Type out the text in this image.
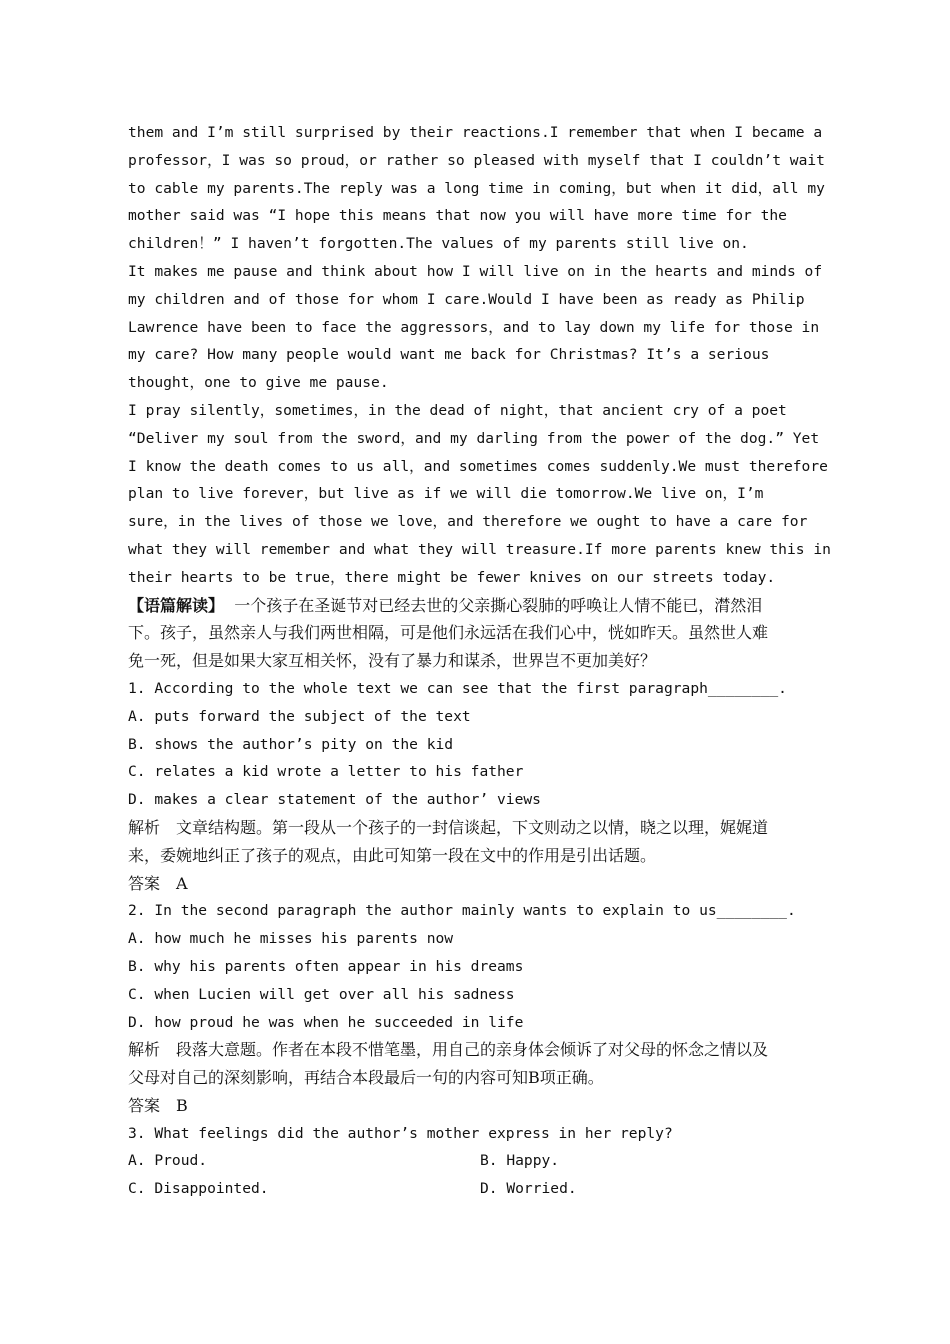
them and I’m still surprised by their reactions.I remember that when I became a
professor，I was so proud，or rather so pleased with myself that I couldn’t wait
to cable my parents.The reply was a long time in coming，but when it did，all my
mother said was “I hope this means that now you will have more time for the
children！” I haven’t forgotten.The values of my parents still live on.
It makes me pause and think about how I will live on in the hearts and minds of
my children and of those for whom I care.Would I have been as ready as Philip
Lawrence have been to face the aggressors，and to lay down my life for those in
my care? How many people would want me back for Christmas? It’s a serious
thought，one to give me pause.
I pray silently，sometimes，in the dead of night，that ancient cry of a poet
“Deliver my soul from the sword，and my darling from the power of the dog.” Yet
I know the death comes to us all，and sometimes comes suddenly.We must therefore
plan to live forever，but live as if we will die tomorrow.We live on，I’m
sure，in the lives of those we love，and therefore we ought to have a care for
what they will remember and what they will treasure.If more parents knew this in
their hearts to be true，there might be fewer knives on our streets today.
【语篇解读】 一个孩子在圣诞节对已经去世的父亲撕心裂肺的呼唤让人情不能已，潸然泪
下。孩子，虽然亲人与我们两世相隔，可是他们永远活在我们心中，恍如昨天。虽然世人难
免一死，但是如果大家互相关怀，没有了暴力和谋杀，世界岂不更加美好？
1. According to the whole text we can see that the first paragraph________.
A. puts forward the subject of the text
B. shows the author’s pity on the kid
C. relates a kid wrote a letter to his father
D. makes a clear statement of the author’ views
解析　文章结构题。第一段从一个孩子的一封信谈起，下文则动之以情，晓之以理，娓娓道
来，委婉地纠正了孩子的观点，由此可知第一段在文中的作用是引出话题。
答案　A
2. In the second paragraph the author mainly wants to explain to us________.
A. how much he misses his parents now
B. why his parents often appear in his dreams
C. when Lucien will get over all his sadness
D. how proud he was when he succeeded in life
解析　段落大意题。作者在本段不惜笔墨，用自己的亲身体会倾诉了对父母的怀念之情以及
父母对自己的深刻影响，再结合本段最后一句的内容可知B项正确。
答案　B
3. What feelings did the author’s mother express in her reply?
A. Proud.	B. Happy.
C. Disappointed.	D. Worried.
